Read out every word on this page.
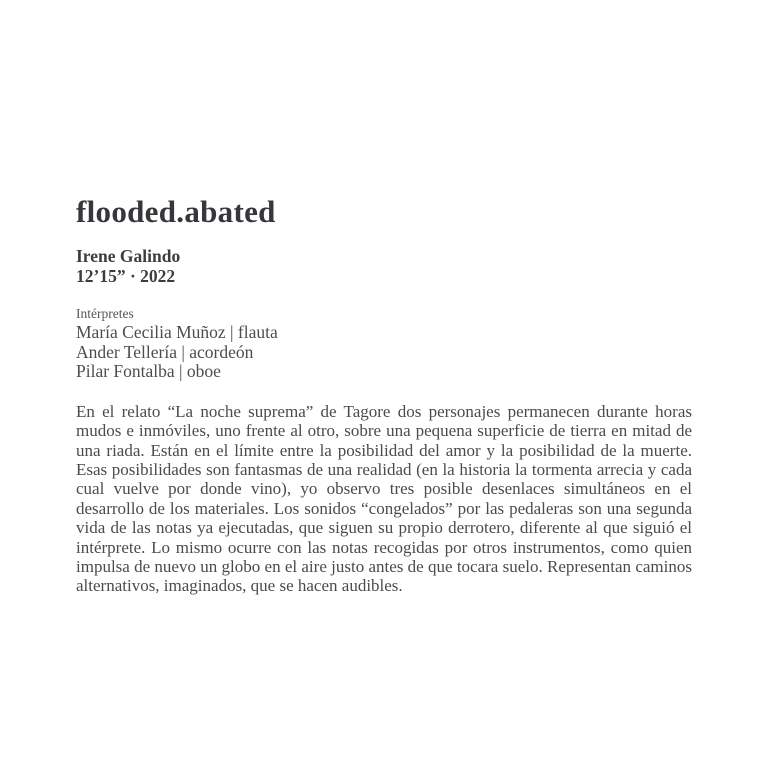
flooded.abated
Irene Galindo
12’15” · 2022
Intérpretes
María Cecilia Muñoz | flauta
Ander Tellería | acordeón
Pilar Fontalba | oboe

En el relato “La noche suprema” de Tagore dos personajes permanecen durante horas mudos e inmóviles, uno frente al otro, sobre una pequena superficie de tierra en mitad de una riada. Están en el límite entre la posibilidad del amor y la posibilidad de la muerte. Esas posibilidades son fantasmas de una realidad (en la historia la tormenta arrecia y cada cual vuelve por donde vino), yo observo tres posible desenlaces simultáneos en el desarrollo de los materiales. Los sonidos “congelados” por las pedaleras son una segunda vida de las notas ya ejecutadas, que siguen su propio derrotero, diferente al que siguió el intérprete. Lo mismo ocurre con las notas recogidas por otros instrumentos, como quien impulsa de nuevo un globo en el aire justo antes de que tocara suelo. Representan caminos alternativos, imaginados, que se hacen audibles.
